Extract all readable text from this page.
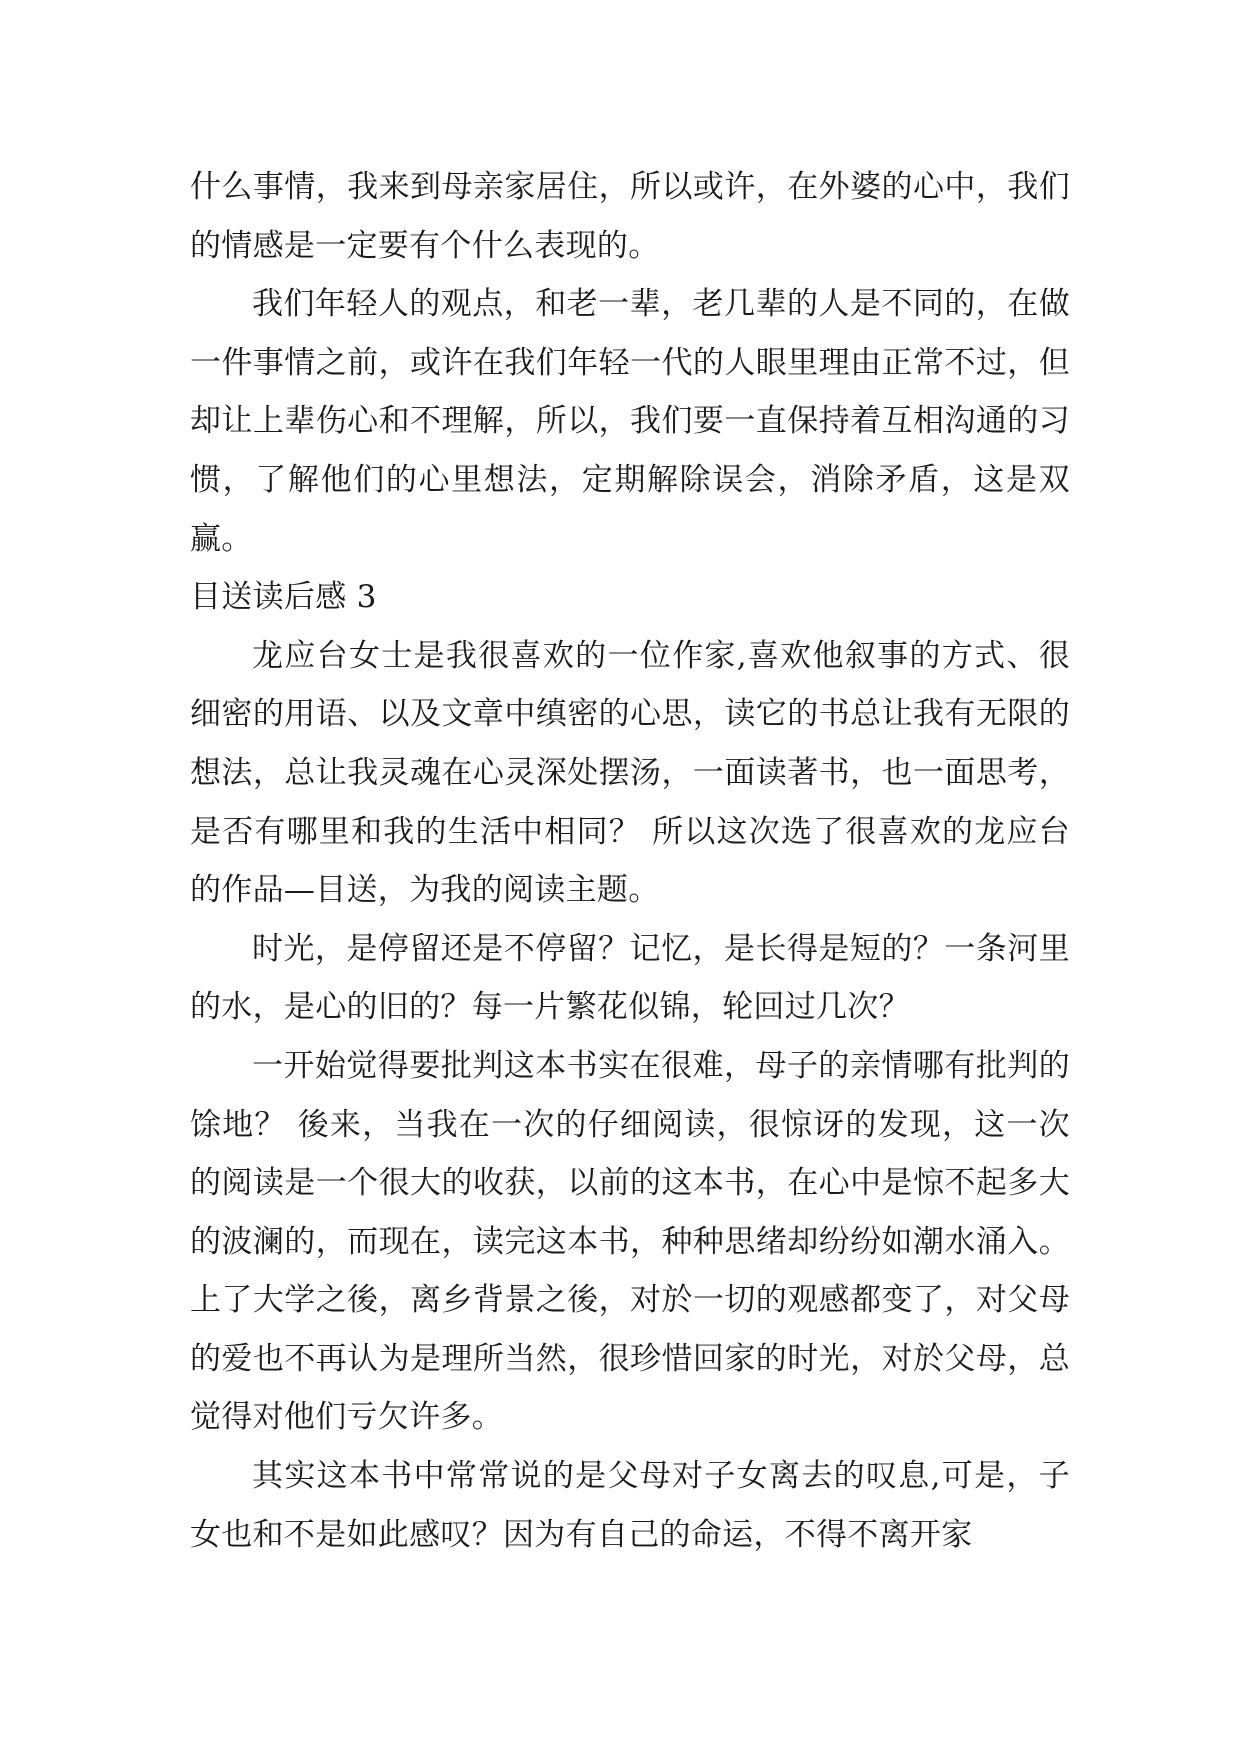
什么事情，我来到母亲家居住，所以或许，在外婆的心中，我们的情感是一定要有个什么表现的。

我们年轻人的观点，和老一辈，老几辈的人是不同的，在做一件事情之前，或许在我们年轻一代的人眼里理由正常不过，但却让上辈伤心和不理解，所以，我们要一直保持着互相沟通的习惯，了解他们的心里想法，定期解除误会，消除矛盾，这是双赢。

目送读后感 3

龙应台女士是我很喜欢的一位作家,喜欢他叙事的方式、很细密的用语、以及文章中缜密的心思，读它的书总让我有无限的想法，总让我灵魂在心灵深处摆汤，一面读著书，也一面思考，是否有哪里和我的生活中相同？ 所以这次选了很喜欢的龙应台的作品—目送，为我的阅读主题。

时光，是停留还是不停留？记忆，是长得是短的？一条河里的水，是心的旧的？每一片繁花似锦，轮回过几次？

一开始觉得要批判这本书实在很难，母子的亲情哪有批判的馀地？ 後来，当我在一次的仔细阅读，很惊讶的发现，这一次的阅读是一个很大的收获，以前的这本书，在心中是惊不起多大的波澜的，而现在，读完这本书，种种思绪却纷纷如潮水涌入。上了大学之後，离乡背景之後，对於一切的观感都变了，对父母的爱也不再认为是理所当然，很珍惜回家的时光，对於父母，总觉得对他们亏欠许多。

其实这本书中常常说的是父母对子女离去的叹息,可是，子女也和不是如此感叹？因为有自己的命运，不得不离开家
